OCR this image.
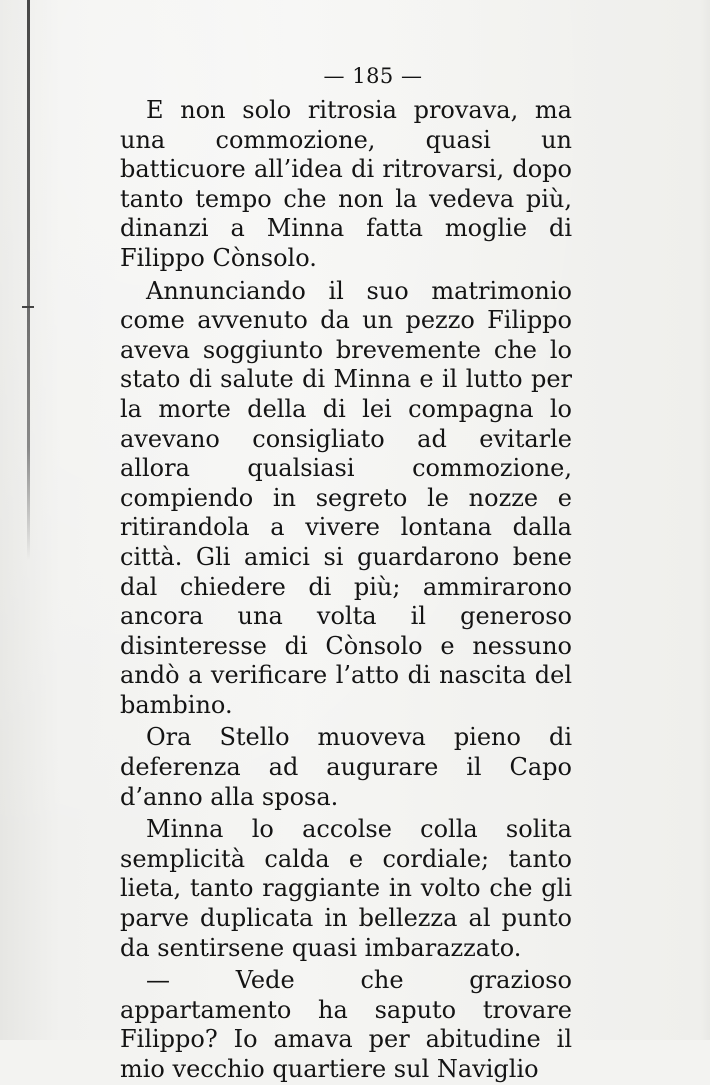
— 185 —

E non solo ritrosia provava, ma una commozione, quasi un batticuore all’idea di ritrovarsi, dopo tanto tempo che non la vedeva più, dinanzi a Minna fatta moglie di Filippo Cònsolo.

Annunciando il suo matrimonio come avvenuto da un pezzo Filippo aveva soggiunto brevemente che lo stato di salute di Minna e il lutto per la morte della di lei compagna lo avevano consigliato ad evitarle allora qualsiasi commozione, compiendo in segreto le nozze e ritirandola a vivere lontana dalla città. Gli amici si guardarono bene dal chiedere di più; ammirarono ancora una volta il generoso disinteresse di Cònsolo e nessuno andò a verificare l’atto di nascita del bambino.

Ora Stello muoveva pieno di deferenza ad augurare il Capo d’anno alla sposa.

Minna lo accolse colla solita semplicità calda e cordiale; tanto lieta, tanto raggiante in volto che gli parve duplicata in bellezza al punto da sentirsene quasi imbarazzato.

— Vede che grazioso appartamento ha saputo trovare Filippo? Io amava per abitudine il mio vecchio quartiere sul Naviglio
